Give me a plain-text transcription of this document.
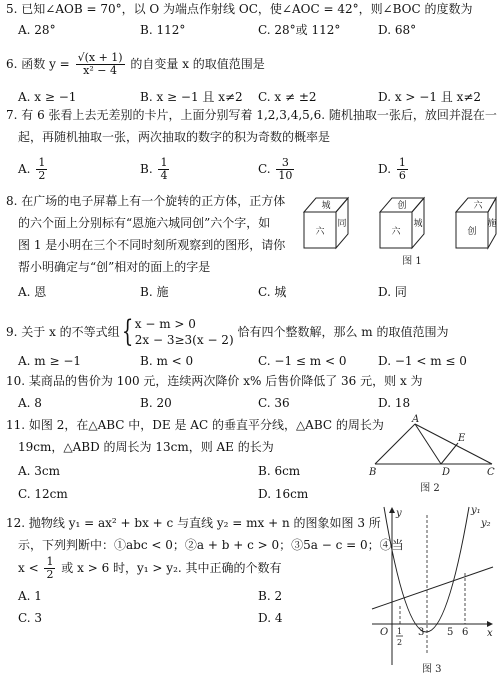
5. 已知∠AOB = 70°，以 O 为端点作射线 OC，使∠AOC = 42°，则∠BOC 的度数为
A. 28°	B. 112°	C. 28°或 112°	D. 68°
6. 函数 $y = \frac{√(x + 1)}{\text{x² − 4}}$ 的自变量 x 的取值范围是
A. x ≥ −1	B. x ≥ −1 且 x≠2 C. x ≠ ±2	D. x > −1 且 x≠2
7. 有 6 张看上去无差别的卡片，上面分别写着 1,2,3,4,5,6. 随机抽取一张后，放回并混在一
起，再随机抽取一张，两次抽取的数字的积为奇数的概率是
A. $\frac{1}{2}$	B. $\frac{1}{4}$	C. $\frac{3}{10}$	D. $\frac{1}{6}$
8. 在广场的电子屏幕上有一个旋转的正方体，正方体
的六个面上分别标有“恩施六城同创”六个字，如
图 1 是小明在三个不同时刻所观察到的图形，请你
帮小明确定与“创”相对的面上的字是
A. 恩	B. 施	C. 城	D. 同
城
六
同
创
六
城
六
创
施
图 1
9. 关于 x 的不等式组{ x − m > 0
2x − 3≥3(x − 2)
恰有四个整数解，那么 m 的取值范围为
A. m ≥ −1	B. m < 0	C. −1 ≤ m < 0	D. −1 < m ≤ 0
10. 某商品的售价为 100 元，连续两次降价 x% 后售价降低了 36 元，则 x 为
A. 8	B. 20	C. 36	D. 18
11. 如图 2，在△ABC 中，DE 是 AC 的垂直平分线，△ABC 的周长为
19cm，△ABD 的周长为 13cm，则 AE 的长为
A. 3cm	B. 6cm
C. 12cm	D. 16cm
A
B	C
D
E
图 2
12. 抛物线 y₁ = ax² + bx + c 与直线 y₂ = mx + n 的图象如图 3 所
示，下列判断中：①abc < 0；②a + b + c > 0；③5a − c = 0；④当
$x < \frac{1}{2}$ 或 x > 6 时，y₁ > y₂. 其中正确的个数有
A. 1	B. 2
C. 3	D. 4
y
x
O 1
2
3 5 6
y₁
y₂
图 3
